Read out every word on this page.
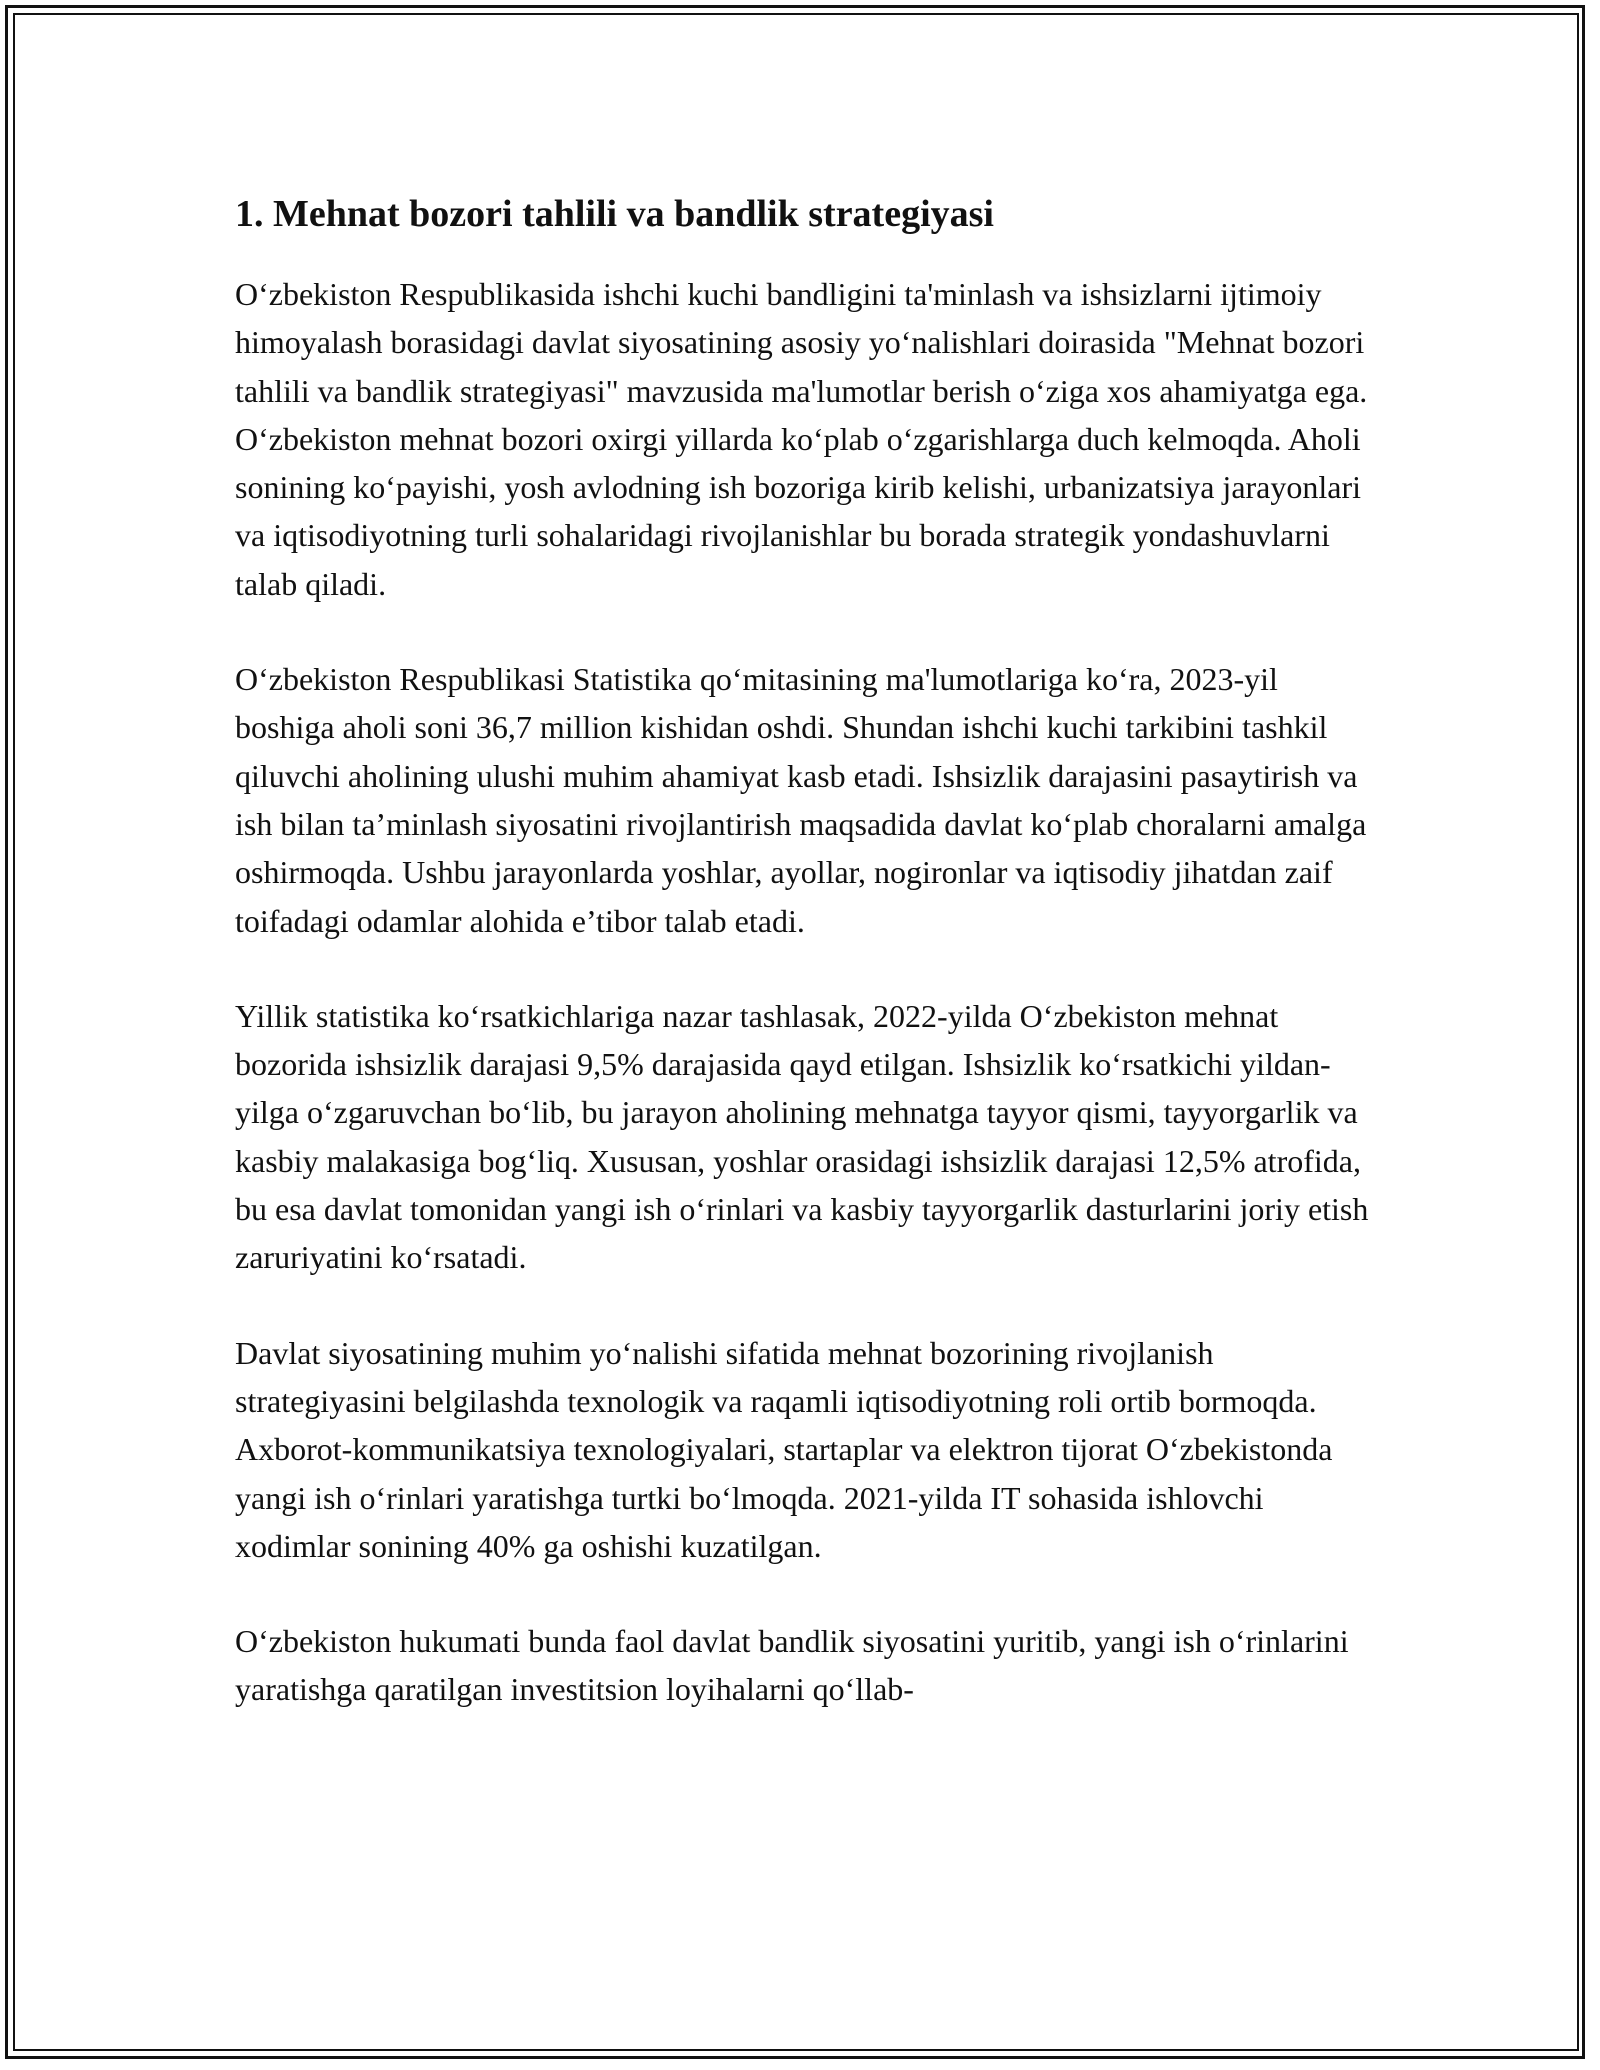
1. Mehnat bozori tahlili va bandlik strategiyasi

O‘zbekiston Respublikasida ishchi kuchi bandligini ta'minlash va ishsizlarni ijtimoiy himoyalash borasidagi davlat siyosatining asosiy yo‘nalishlari doirasida "Mehnat bozori tahlili va bandlik strategiyasi" mavzusida ma'lumotlar berish o‘ziga xos ahamiyatga ega. O‘zbekiston mehnat bozori oxirgi yillarda ko‘plab o‘zgarishlarga duch kelmoqda. Aholi sonining ko‘payishi, yosh avlodning ish bozoriga kirib kelishi, urbanizatsiya jarayonlari va iqtisodiyotning turli sohalaridagi rivojlanishlar bu borada strategik yondashuvlarni talab qiladi.

O‘zbekiston Respublikasi Statistika qo‘mitasining ma'lumotlariga ko‘ra, 2023-yil boshiga aholi soni 36,7 million kishidan oshdi. Shundan ishchi kuchi tarkibini tashkil qiluvchi aholining ulushi muhim ahamiyat kasb etadi. Ishsizlik darajasini pasaytirish va ish bilan ta’minlash siyosatini rivojlantirish maqsadida davlat ko‘plab choralarni amalga oshirmoqda. Ushbu jarayonlarda yoshlar, ayollar, nogironlar va iqtisodiy jihatdan zaif toifadagi odamlar alohida e’tibor talab etadi.

Yillik statistika ko‘rsatkichlariga nazar tashlasak, 2022-yilda O‘zbekiston mehnat bozorida ishsizlik darajasi 9,5% darajasida qayd etilgan. Ishsizlik ko‘rsatkichi yildan-yilga o‘zgaruvchan bo‘lib, bu jarayon aholining mehnatga tayyor qismi, tayyorgarlik va kasbiy malakasiga bog‘liq. Xususan, yoshlar orasidagi ishsizlik darajasi 12,5% atrofida, bu esa davlat tomonidan yangi ish o‘rinlari va kasbiy tayyorgarlik dasturlarini joriy etish zaruriyatini ko‘rsatadi.

Davlat siyosatining muhim yo‘nalishi sifatida mehnat bozorining rivojlanish strategiyasini belgilashda texnologik va raqamli iqtisodiyotning roli ortib bormoqda. Axborot-kommunikatsiya texnologiyalari, startaplar va elektron tijorat O‘zbekistonda yangi ish o‘rinlari yaratishga turtki bo‘lmoqda. 2021-yilda IT sohasida ishlovchi xodimlar sonining 40% ga oshishi kuzatilgan.

O‘zbekiston hukumati bunda faol davlat bandlik siyosatini yuritib, yangi ish o‘rinlarini yaratishga qaratilgan investitsion loyihalarni qo‘llab-
